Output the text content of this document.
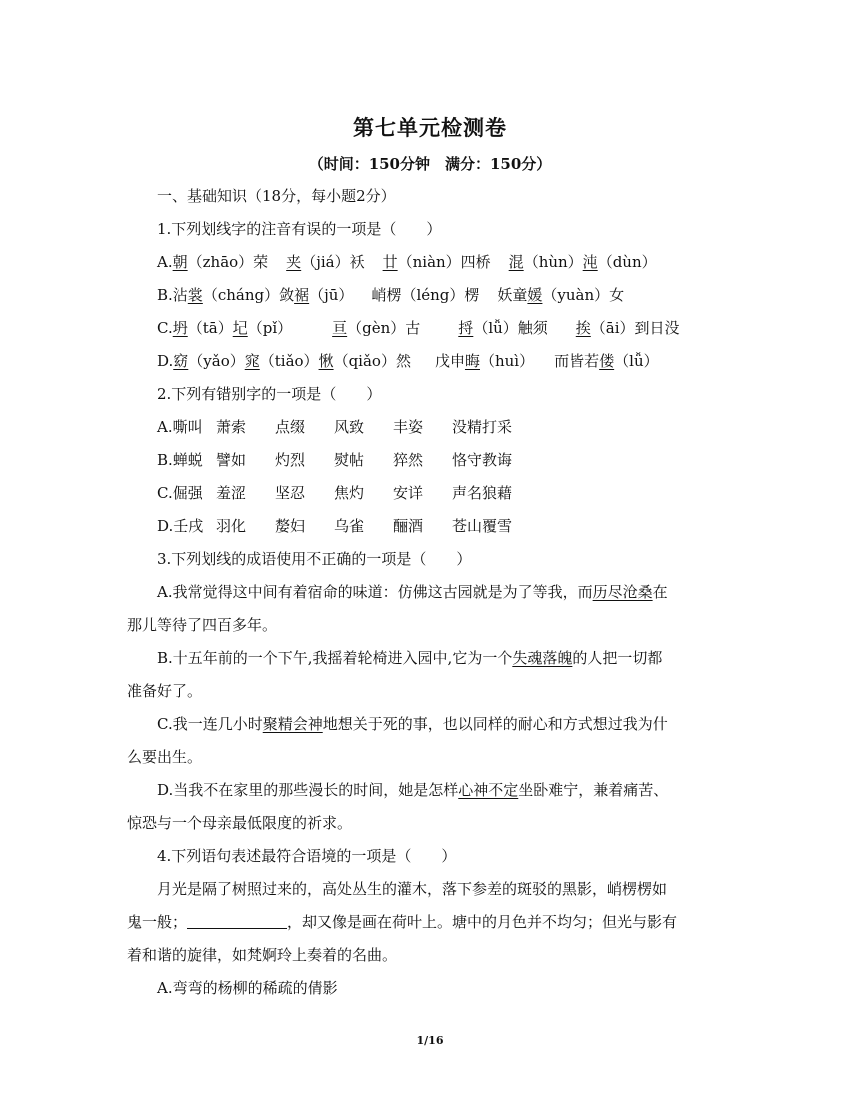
第七单元检测卷
（时间：150分钟　满分：150分）
一、基础知识（18分，每小题2分）
1.下列划线字的注音有误的一项是（　　）
A.朝（zhāo）荣 夹（jiá）袄 廿（niàn）四桥 混（hùn）沌（dùn）
B.沾裳（cháng）敛裾（jū） 峭楞（léng）楞 妖童媛（yuàn）女
C.坍（tā）圮（pǐ）	亘（gèn）古	捋（lǚ）触须 挨（āi）到日没
D.窈（yǎo）窕（tiǎo）愀（qiǎo）然 戊申晦（huì） 而皆若偻（lǚ）
2.下列有错别字的一项是（　　）
A.嘶叫 萧索 点缀 风致 丰姿 没精打采
B.蝉蜕 譬如 灼烈 熨帖 猝然 恪守教诲
C.倔强 羞涩 坚忍 焦灼 安详 声名狼藉
D.壬戌 羽化 嫠妇 乌雀 酾酒 苍山覆雪
3.下列划线的成语使用不正确的一项是（　　）
A.我常觉得这中间有着宿命的味道：仿佛这古园就是为了等我，而历尽沧桑在
那儿等待了四百多年。
B.十五年前的一个下午,我摇着轮椅进入园中,它为一个失魂落魄的人把一切都
准备好了。
C.我一连几小时聚精会神地想关于死的事，也以同样的耐心和方式想过我为什
么要出生。
D.当我不在家里的那些漫长的时间，她是怎样心神不定坐卧难宁，兼着痛苦、
惊恐与一个母亲最低限度的祈求。
4.下列语句表述最符合语境的一项是（　　）
月光是隔了树照过来的，高处丛生的灌木，落下参差的斑驳的黑影，峭楞楞如
鬼一般；	，却又像是画在荷叶上。塘中的月色并不均匀；但光与影有
着和谐的旋律，如梵婀玲上奏着的名曲。
A.弯弯的杨柳的稀疏的倩影
1/16
